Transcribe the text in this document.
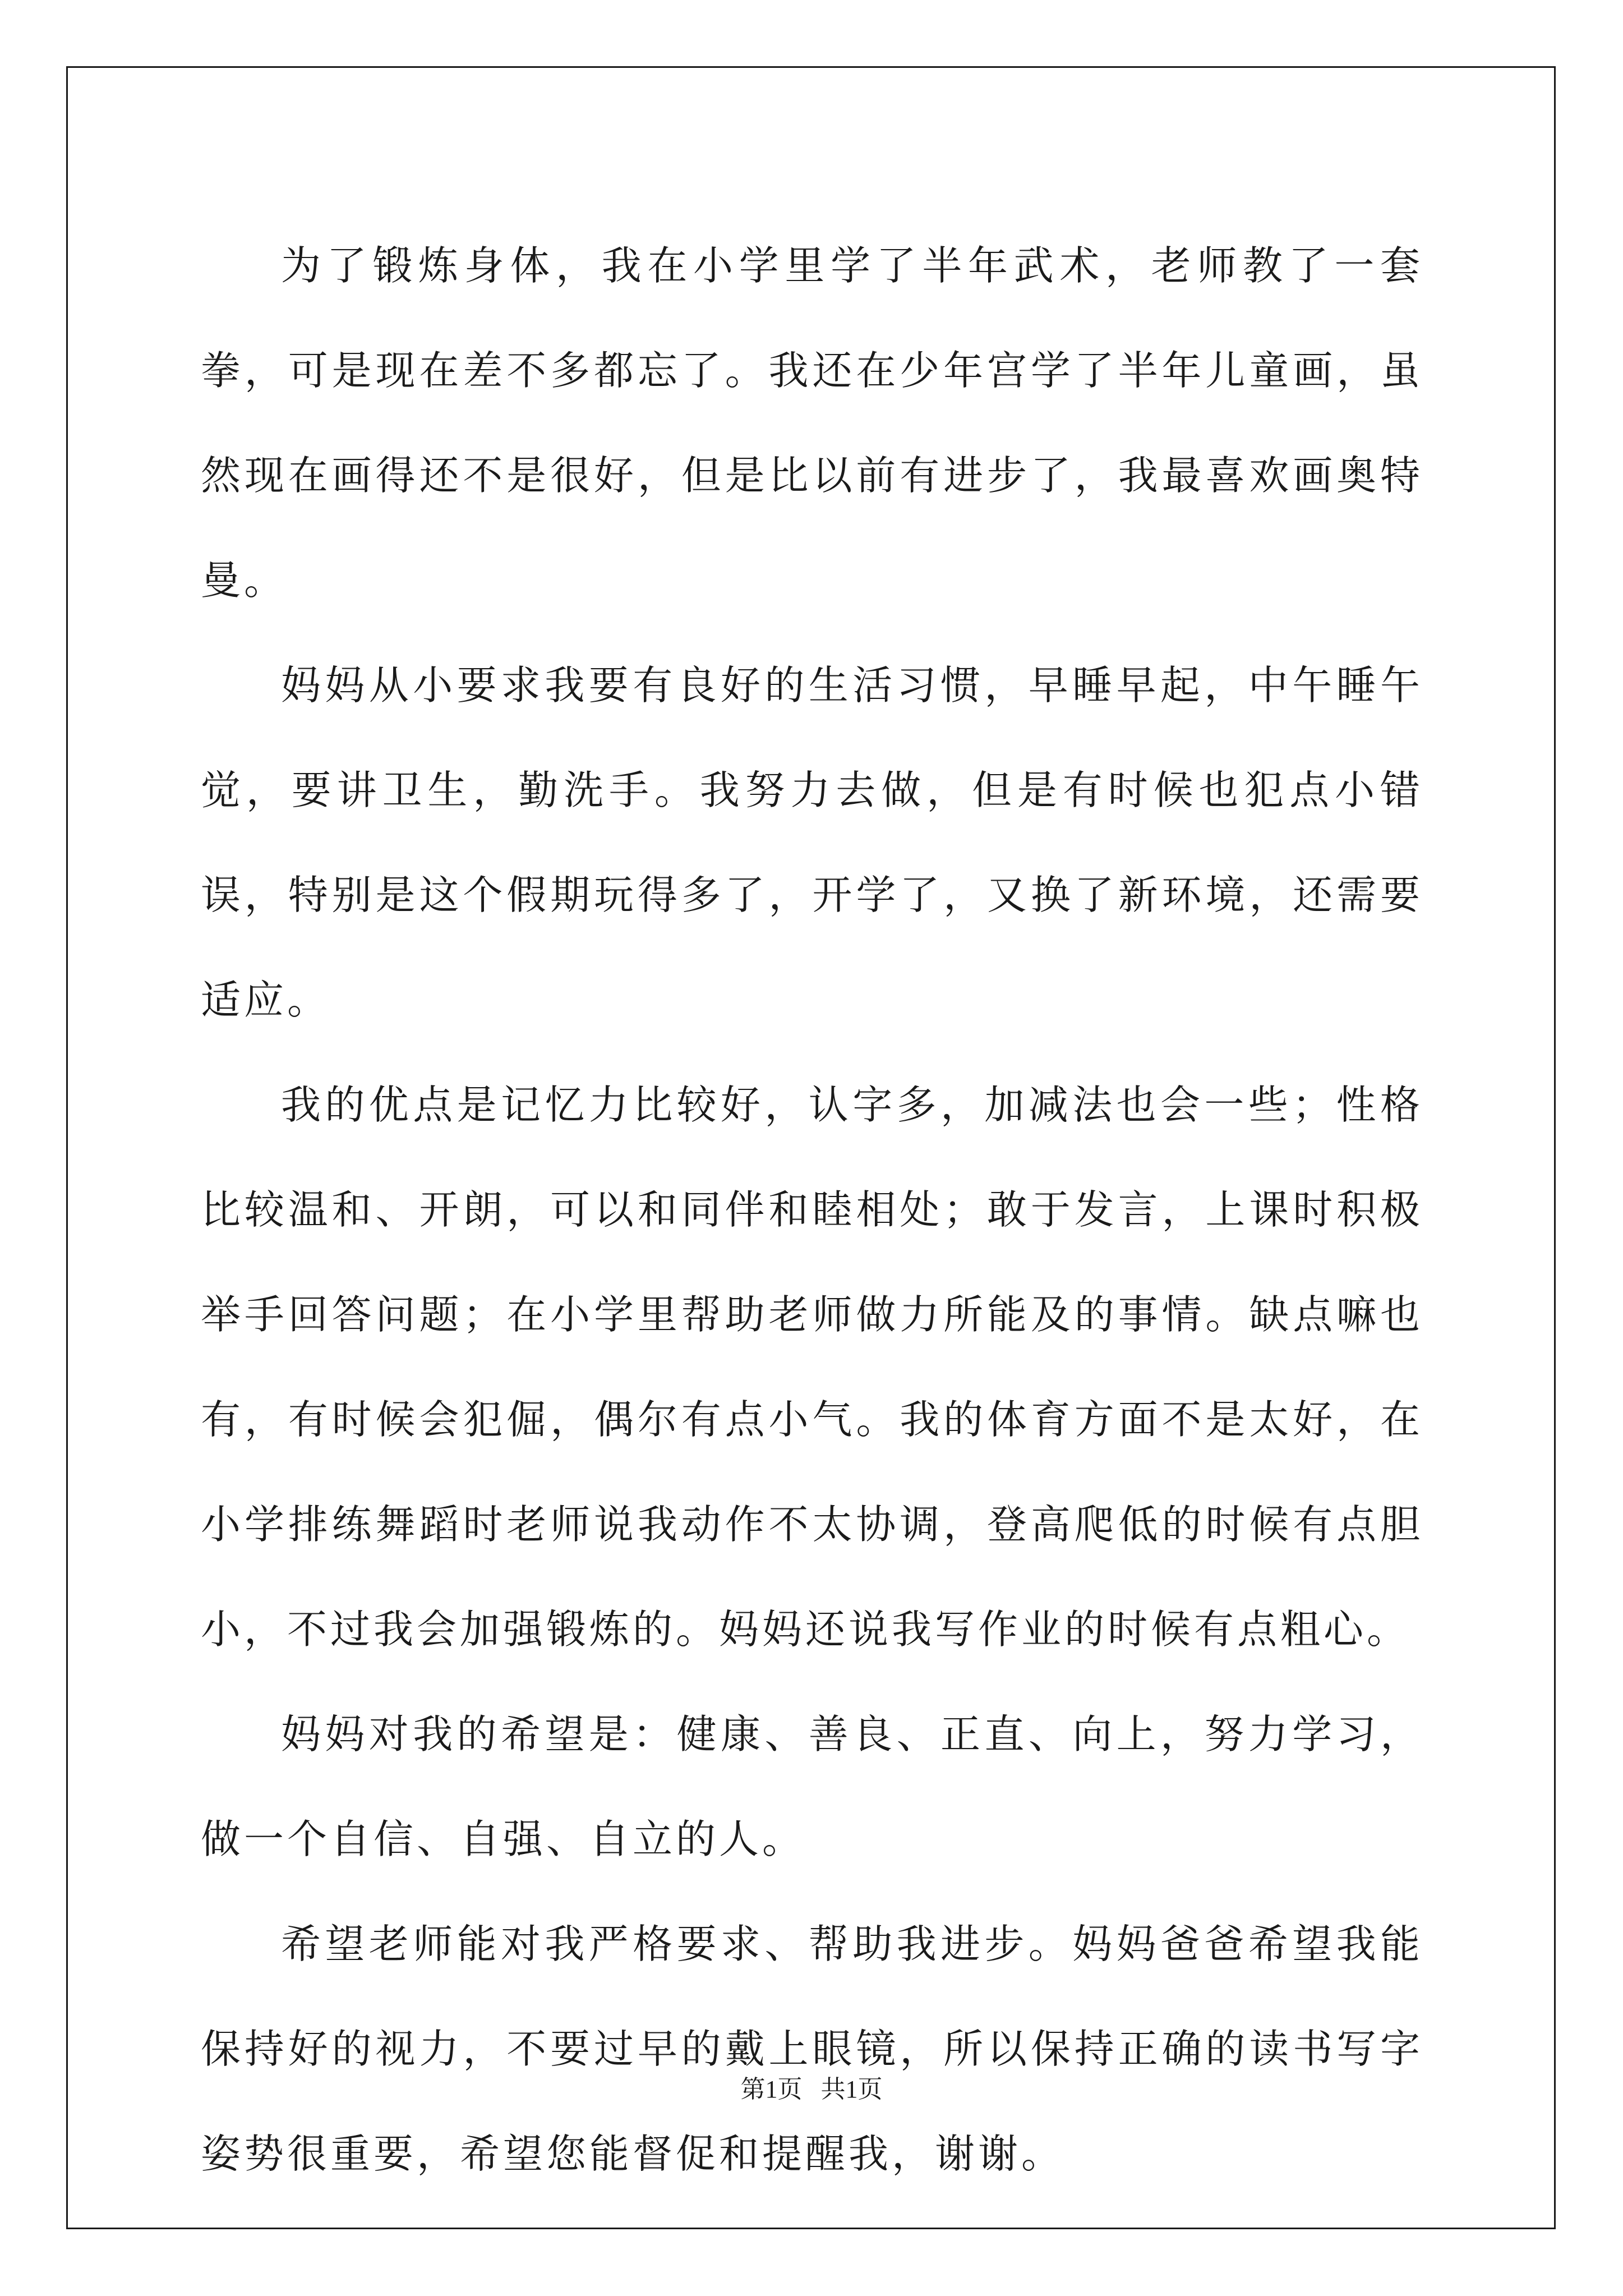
为了锻炼身体，我在小学里学了半年武术，老师教了一套拳，可是现在差不多都忘了。我还在少年宫学了半年儿童画，虽然现在画得还不是很好，但是比以前有进步了，我最喜欢画奥特曼。

妈妈从小要求我要有良好的生活习惯，早睡早起，中午睡午觉，要讲卫生，勤洗手。我努力去做，但是有时候也犯点小错误，特别是这个假期玩得多了，开学了，又换了新环境，还需要适应。

我的优点是记忆力比较好，认字多，加减法也会一些；性格比较温和、开朗，可以和同伴和睦相处；敢于发言，上课时积极举手回答问题；在小学里帮助老师做力所能及的事情。缺点嘛也有，有时候会犯倔，偶尔有点小气。我的体育方面不是太好，在小学排练舞蹈时老师说我动作不太协调，登高爬低的时候有点胆小，不过我会加强锻炼的。妈妈还说我写作业的时候有点粗心。

妈妈对我的希望是：健康、善良、正直、向上，努力学习，做一个自信、自强、自立的人。

希望老师能对我严格要求、帮助我进步。妈妈爸爸希望我能保持好的视力，不要过早的戴上眼镜，所以保持正确的读书写字姿势很重要，希望您能督促和提醒我，谢谢。

第1页   共1页
